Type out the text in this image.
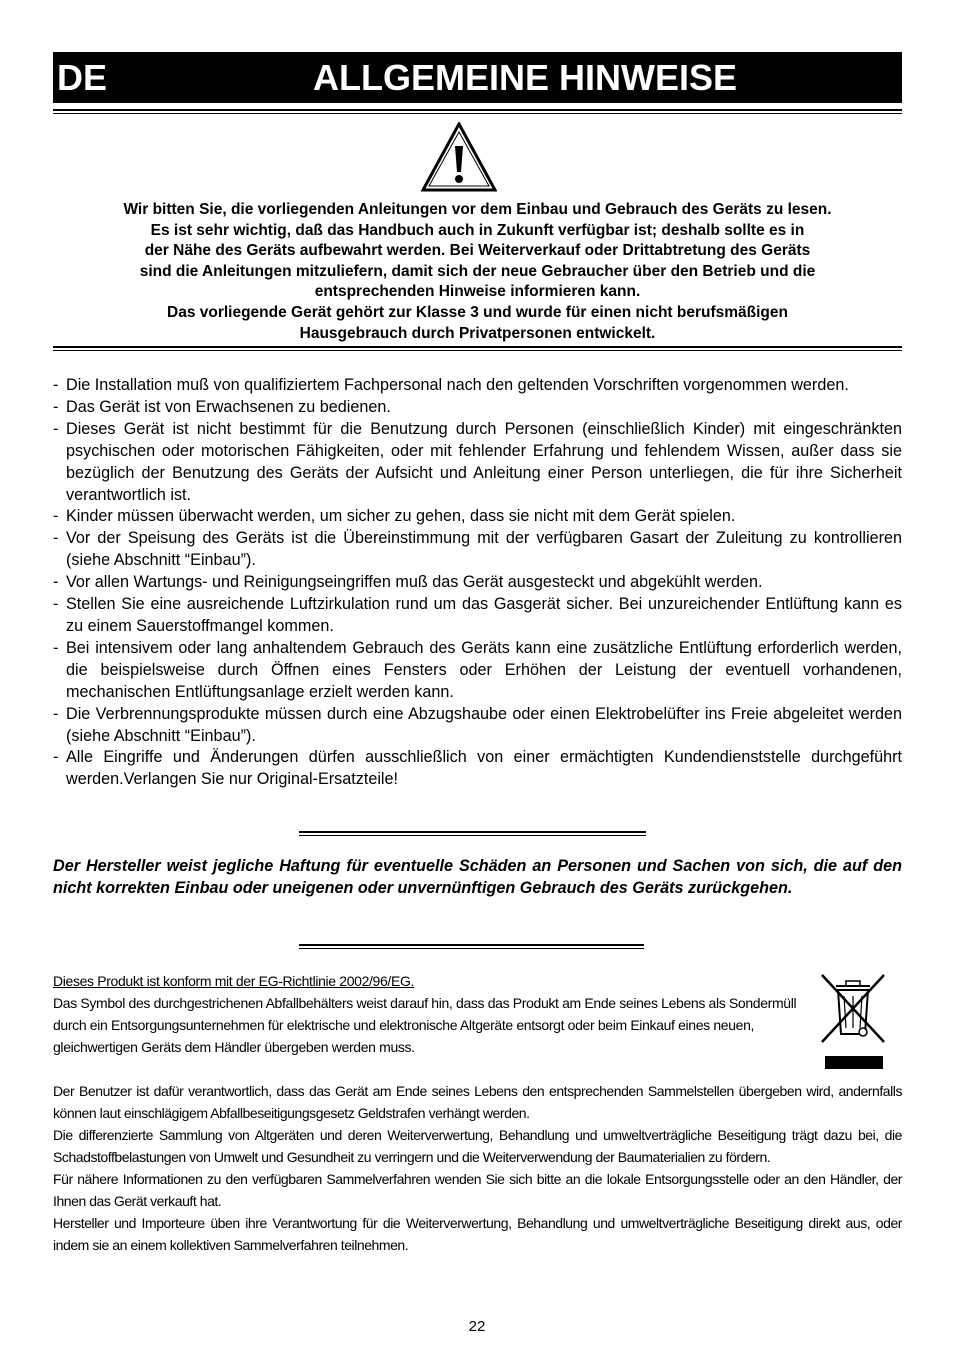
DE	ALLGEMEINE HINWEISE
Wir bitten Sie, die vorliegenden Anleitungen vor dem Einbau und Gebrauch des Geräts zu lesen.
Es ist sehr wichtig, daß das Handbuch auch in Zukunft verfügbar ist; deshalb sollte es in
der Nähe des Geräts aufbewahrt werden. Bei Weiterverkauf oder Drittabtretung des Geräts
sind die Anleitungen mitzuliefern, damit sich der neue Gebraucher über den Betrieb und die
entsprechenden Hinweise informieren kann.
Das vorliegende Gerät gehört zur Klasse 3 und wurde für einen nicht berufsmäßigen
Hausgebrauch durch Privatpersonen entwickelt.
- Die Installation muß von qualifiziertem Fachpersonal nach den geltenden Vorschriften vorgenommen werden.
- Das Gerät ist von Erwachsenen zu bedienen.
- Dieses Gerät ist nicht bestimmt für die Benutzung durch Personen (einschließlich Kinder) mit eingeschränkten psychischen oder motorischen Fähigkeiten, oder mit fehlender Erfahrung und fehlendem Wissen, außer dass sie bezüglich der Benutzung des Geräts der Aufsicht und Anleitung einer Person unterliegen, die für ihre Sicherheit verantwortlich ist.
- Kinder müssen überwacht werden, um sicher zu gehen, dass sie nicht mit dem Gerät spielen.
- Vor der Speisung des Geräts ist die Übereinstimmung mit der verfügbaren Gasart der Zuleitung zu kontrollieren (siehe Abschnitt “Einbau”).
- Vor allen Wartungs- und Reinigungseingriffen muß das Gerät ausgesteckt und abgekühlt werden.
- Stellen Sie eine ausreichende Luftzirkulation rund um das Gasgerät sicher. Bei unzureichender Entlüftung kann es zu einem Sauerstoffmangel kommen.
- Bei intensivem oder lang anhaltendem Gebrauch des Geräts kann eine zusätzliche Entlüftung erforderlich werden, die beispielsweise durch Öffnen eines Fensters oder Erhöhen der Leistung der eventuell vorhandenen, mechanischen Entlüftungsanlage erzielt werden kann.
- Die Verbrennungsprodukte müssen durch eine Abzugshaube oder einen Elektrobelüfter ins Freie abgeleitet werden (siehe Abschnitt “Einbau”).
- Alle Eingriffe und Änderungen dürfen ausschließlich von einer ermächtigten Kundendienststelle durchgeführt werden.Verlangen Sie nur Original-Ersatzteile!
Der Hersteller weist jegliche Haftung für eventuelle Schäden an Personen und Sachen von sich, die auf den nicht korrekten Einbau oder uneigenen oder unvernünftigen Gebrauch des Geräts zurückgehen.
Dieses Produkt ist konform mit der EG-Richtlinie 2002/96/EG.
Das Symbol des durchgestrichenen Abfallbehälters weist darauf hin, dass das Produkt am Ende seines Lebens als Sondermüll durch ein Entsorgungsunternehmen für elektrische und elektronische Altgeräte entsorgt oder beim Einkauf eines neuen, gleichwertigen Geräts dem Händler übergeben werden muss.

Der Benutzer ist dafür verantwortlich, dass das Gerät am Ende seines Lebens den entsprechenden Sammelstellen übergeben wird, andernfalls können laut einschlägigem Abfallbeseitigungsgesetz Geldstrafen verhängt werden.

Die differenzierte Sammlung von Altgeräten und deren Weiterverwertung, Behandlung und umweltverträgliche Beseitigung trägt dazu bei, die Schadstoffbelastungen von Umwelt und Gesundheit zu verringern und die Weiterverwendung der Baumaterialien zu fördern.

Für nähere Informationen zu den verfügbaren Sammelverfahren wenden Sie sich bitte an die lokale Entsorgungsstelle oder an den Händler, der Ihnen das Gerät verkauft hat.

Hersteller und Importeure üben ihre Verantwortung für die Weiterverwertung, Behandlung und umweltverträgliche Beseitigung direkt aus, oder indem sie an einem kollektiven Sammelverfahren teilnehmen.

22
